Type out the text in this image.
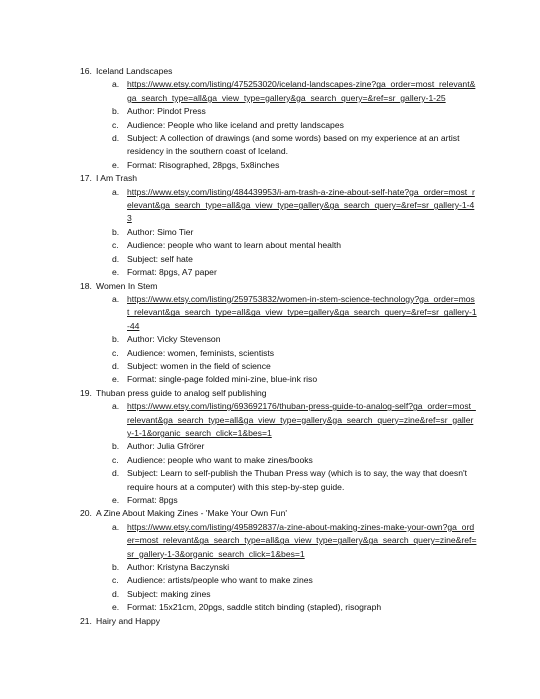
16. Iceland Landscapes
a. https://www.etsy.com/listing/475253020/iceland-landscapes-zine?ga_order=most_relevant&ga_search_type=all&ga_view_type=gallery&ga_search_query=&ref=sr_gallery-1-25
b. Author: Pindot Press
c. Audience: People who like iceland and pretty landscapes
d. Subject: A collection of drawings (and some words) based on my experience at an artist residency in the southern coast of Iceland.
e. Format: Risographed, 28pgs, 5x8inches
17. I Am Trash
a. https://www.etsy.com/listing/484439953/i-am-trash-a-zine-about-self-hate?ga_order=most_relevant&ga_search_type=all&ga_view_type=gallery&ga_search_query=&ref=sr_gallery-1-43
b. Author: Simo Tier
c. Audience: people who want to learn about mental health
d. Subject: self hate
e. Format: 8pgs, A7 paper
18. Women In Stem
a. https://www.etsy.com/listing/259753832/women-in-stem-science-technology?ga_order=most_relevant&ga_search_type=all&ga_view_type=gallery&ga_search_query=&ref=sr_gallery-1-44
b. Author: Vicky Stevenson
c. Audience: women, feminists, scientists
d. Subject: women in the field of science
e. Format: single-page folded mini-zine, blue-ink riso
19. Thuban press guide to analog self publishing
a. https://www.etsy.com/listing/693692176/thuban-press-guide-to-analog-self?ga_order=most_relevant&ga_search_type=all&ga_view_type=gallery&ga_search_query=zine&ref=sr_gallery-1-1&organic_search_click=1&bes=1
b. Author: Julia Gfrörer
c. Audience: people who want to make zines/books
d. Subject: Learn to self-publish the Thuban Press way (which is to say, the way that doesn't require hours at a computer) with this step-by-step guide.
e. Format: 8pgs
20. A Zine About Making Zines - 'Make Your Own Fun'
a. https://www.etsy.com/listing/495892837/a-zine-about-making-zines-make-your-own?ga_order=most_relevant&ga_search_type=all&ga_view_type=gallery&ga_search_query=zine&ref=sr_gallery-1-3&organic_search_click=1&bes=1
b. Author: Kristyna Baczynski
c. Audience: artists/people who want to make zines
d. Subject: making zines
e. Format: 15x21cm, 20pgs, saddle stitch binding (stapled), risograph
21. Hairy and Happy
